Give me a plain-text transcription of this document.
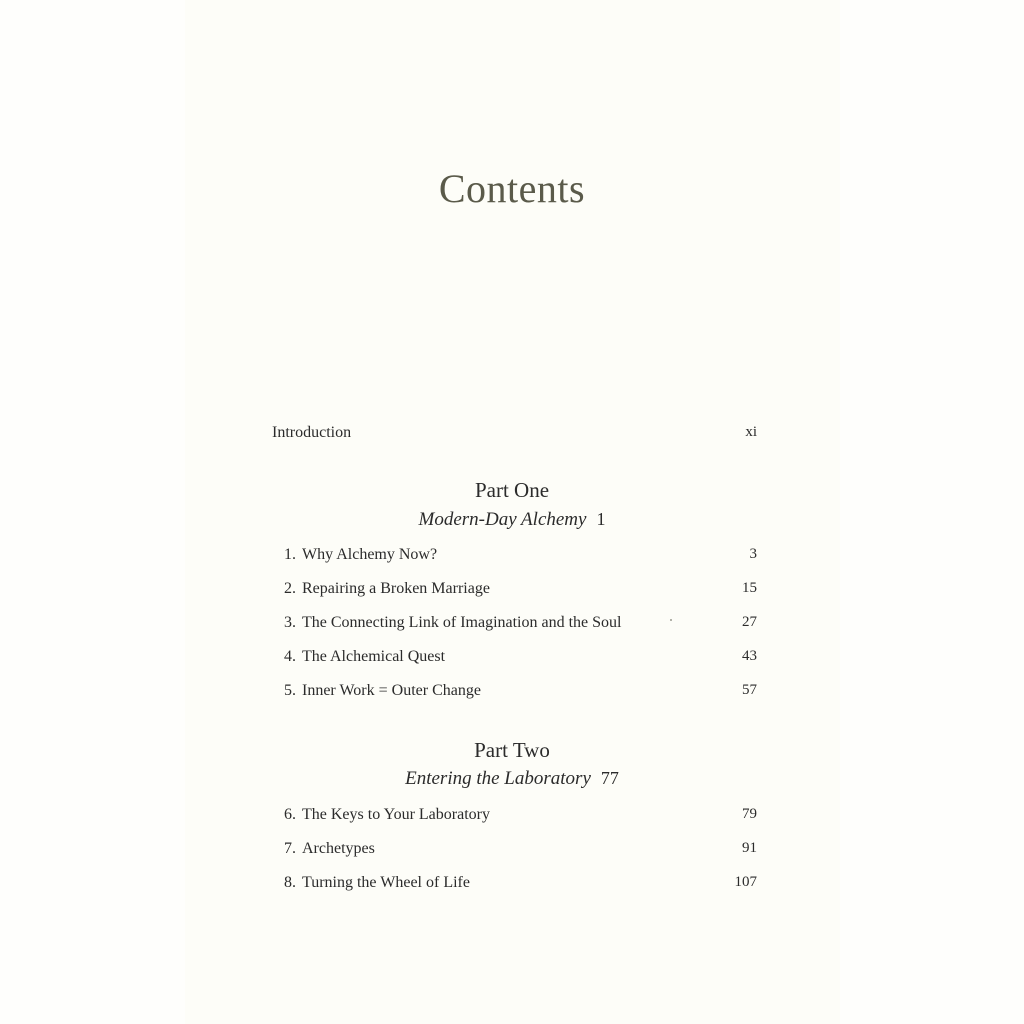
Contents
Introduction	xi
Part One
Modern-Day Alchemy 1
1. Why Alchemy Now?	3
2. Repairing a Broken Marriage	15
3. The Connecting Link of Imagination and the Soul	27
4. The Alchemical Quest	43
5. Inner Work = Outer Change	57
Part Two
Entering the Laboratory 77
6. The Keys to Your Laboratory	79
7. Archetypes	91
8. Turning the Wheel of Life	107
